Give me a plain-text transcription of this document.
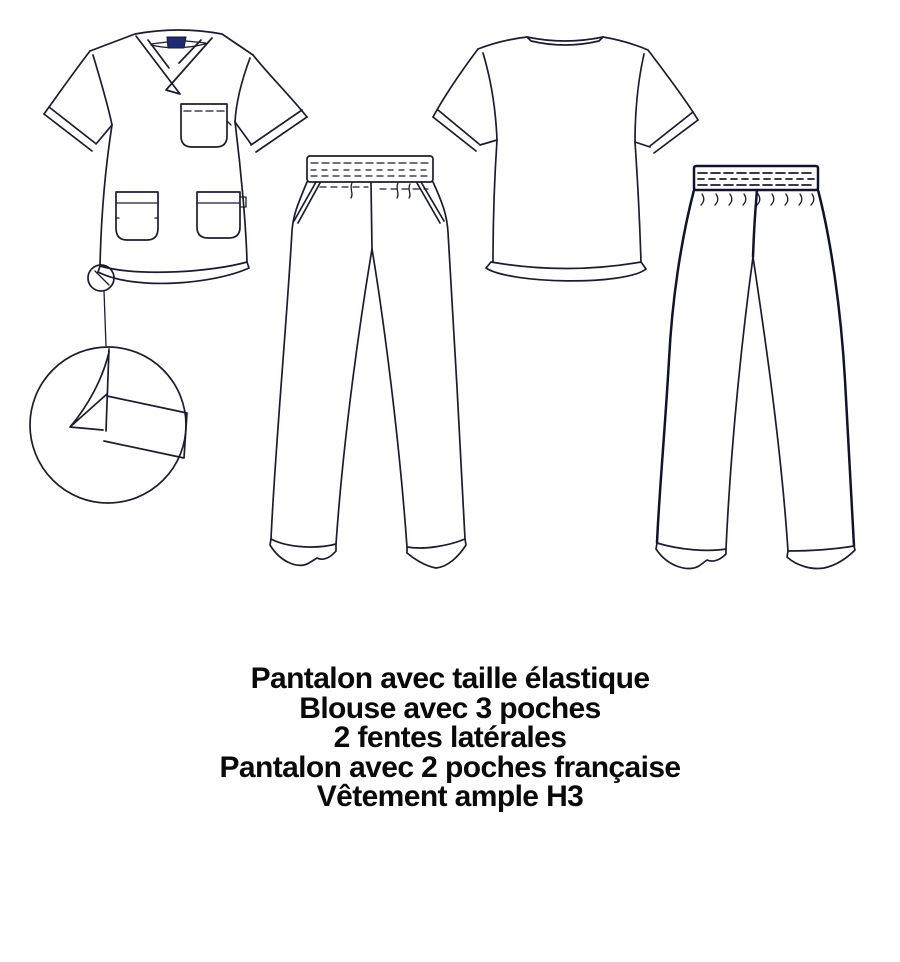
Pantalon avec taille élastique
Blouse avec 3 poches
2 fentes latérales
Pantalon avec 2 poches française
Vêtement ample H3
